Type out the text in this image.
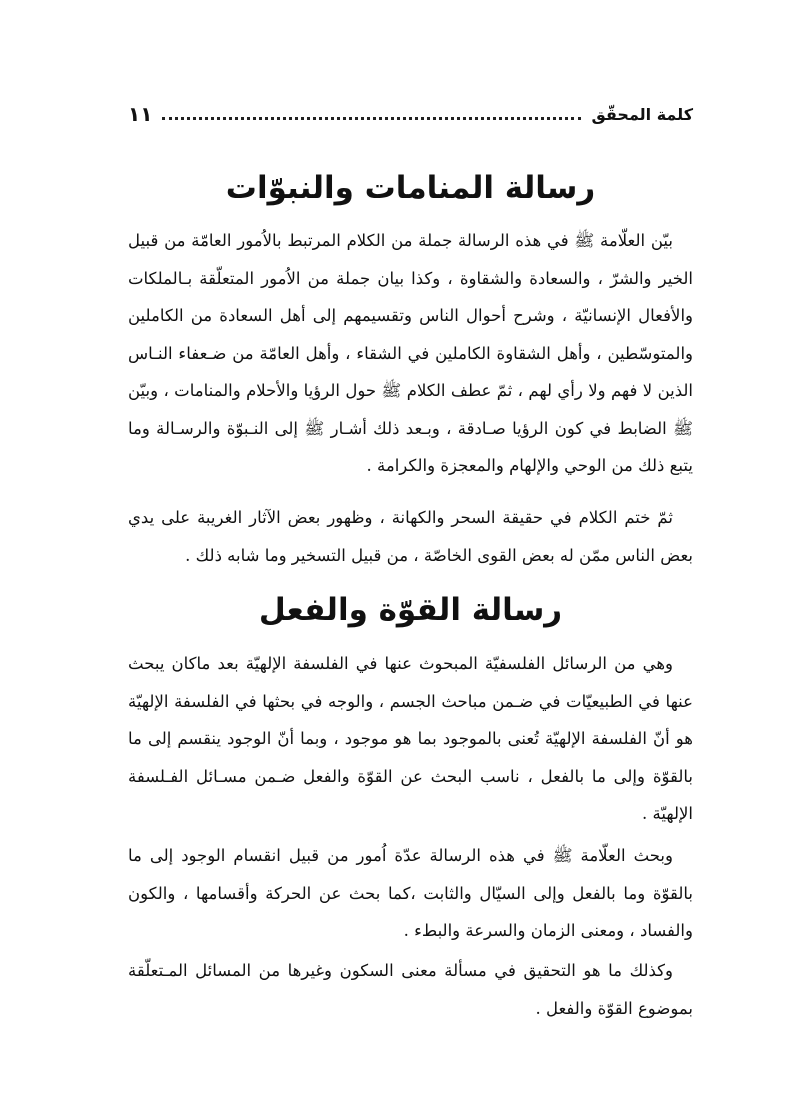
كلمة المحقّق
١١
رسالة المنامات والنبوّات

بيّن العلّامة ﷺ في هذه الرسالة جملة من الكلام المرتبط بالاُمور العامّة من قبيل الخير والشرّ ، والسعادة والشقاوة ، وكذا بيان جملة من الاُمور المتعلّقة بـالملكات والأفعال الإنسانيّة ، وشرح أحوال الناس وتقسيمهم إلى أهل السعادة من الكاملين والمتوسّطين ، وأهل الشقاوة الكاملين في الشقاء ، وأهل العامّة من ضـعفاء النـاس الذين لا فهم ولا رأي لهم ، ثمّ عطف الكلام ﷺ حول الرؤيا والأحلام والمنامات ، وبيّن ﷺ الضابط في كون الرؤيا صـادقة ، وبـعد ذلك أشـار ﷺ إلى النـبوّة والرسـالة وما يتبع ذلك من الوحي والإلهام والمعجزة والكرامة .

ثمّ ختم الكلام في حقيقة السحر والكهانة ، وظهور بعض الآثار الغريبة على يدي بعض الناس ممّن له بعض القوى الخاصّة ، من قبيل التسخير وما شابه ذلك .

رسالة القوّة والفعل

وهي من الرسائل الفلسفيّة المبحوث عنها في الفلسفة الإلهيّة بعد ماكان يبحث عنها في الطبيعيّات في ضـمن مباحث الجسم ، والوجه في بحثها في الفلسفة الإلهيّة هو أنّ الفلسفة الإلهيّة تُعنى بالموجود بما هو موجود ، وبما أنّ الوجود ينقسم إلى ما بالقوّة وإلى ما بالفعل ، ناسب البحث عن القوّة والفعل ضـمن مسـائل الفـلسفة الإلهيّة .

وبحث العلّامة ﷺ في هذه الرسالة عدّة اُمور من قبيل انقسام الوجود إلى ما بالقوّة وما بالفعل وإلى السيّال والثابت ،كما بحث عن الحركة وأقسامها ، والكون والفساد ، ومعنى الزمان والسرعة والبطء .

وكذلك ما هو التحقيق في مسألة معنى السكون وغيرها من المسائل المـتعلّقة بموضوع القوّة والفعل .
